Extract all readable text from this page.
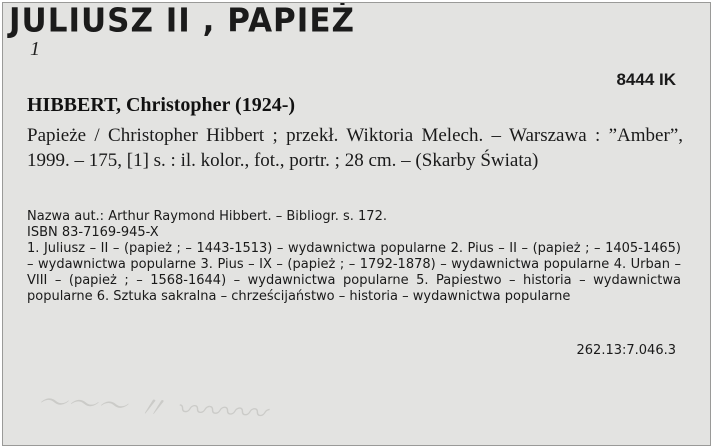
JULIUSZ II , PAPIEŻ
1
8444 IK
HIBBERT, Christopher (1924-)
Papieże / Christopher Hibbert ; przekł. Wiktoria Melech. – Warszawa : ”Amber”, 1999. – 175, [1] s. : il. kolor., fot., portr. ; 28 cm. – (Skarby Świata)
Nazwa aut.: Arthur Raymond Hibbert. – Bibliogr. s. 172.
ISBN 83-7169-945-X
1. Juliusz – II – (papież ; – 1443-1513) – wydawnictwa popularne 2. Pius – II – (papież ; – 1405-1465) – wydawnictwa popularne 3. Pius – IX – (papież ; – 1792-1878) – wydawnictwa popularne 4. Urban – VIII – (papież ; – 1568-1644) – wydawnictwa popularne 5. Papiestwo – historia – wydawnictwa popularne 6. Sztuka sakralna – chrześcijaństwo – historia – wydawnictwa popularne
262.13:7.046.3
〜〜〜 〃 〰〰〰
